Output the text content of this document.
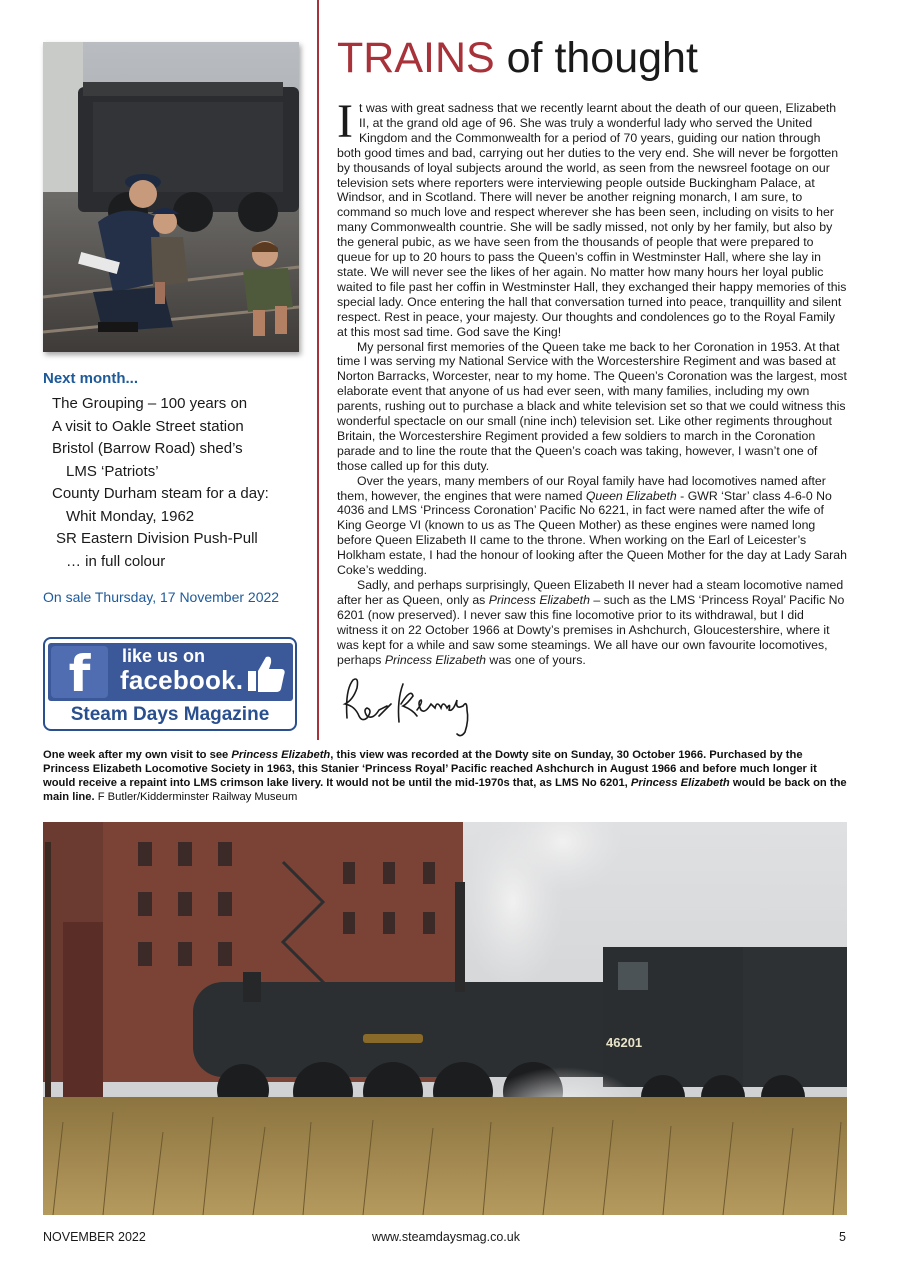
Next month...
The Grouping – 100 years on
A visit to Oakle Street station
Bristol (Barrow Road) shed’s
LMS ‘Patriots’
County Durham steam for a day:
Whit Monday, 1962
SR Eastern Division Push-Pull
… in full colour
On sale Thursday, 17 November 2022
f	like us on
facebook.
Steam Days Magazine
TRAINS of thought

It was with great sadness that we recently learnt about the death of our queen, Elizabeth II, at the grand old age of 96. She was truly a wonderful lady who served the United Kingdom and the Commonwealth for a period of 70 years, guiding our nation through both good times and bad, carrying out her duties to the very end. She will never be forgotten by thousands of loyal subjects around the world, as seen from the newsreel footage on our television sets where reporters were interviewing people outside Buckingham Palace, at Windsor, and in Scotland. There will never be another reigning monarch, I am sure, to command so much love and respect wherever she has been seen, including on visits to her many Commonwealth countrie. She will be sadly missed, not only by her family, but also by the general pubic, as we have seen from the thousands of people that were prepared to queue for up to 20 hours to pass the Queen’s coffin in Westminster Hall, where she lay in state. We will never see the likes of her again. No matter how many hours her loyal public waited to file past her coffin in Westminster Hall, they exchanged their happy memories of this special lady. Once entering the hall that conversation turned into peace, tranquillity and silent respect. Rest in peace, your majesty. Our thoughts and condolences go to the Royal Family at this most sad time. God save the King!

My personal first memories of the Queen take me back to her Coronation in 1953. At that time I was serving my National Service with the Worcestershire Regiment and was based at Norton Barracks, Worcester, near to my home. The Queen’s Coronation was the largest, most elaborate event that anyone of us had ever seen, with many families, including my own parents, rushing out to purchase a black and white television set so that we could witness this wonderful spectacle on our small (nine inch) television set. Like other regiments throughout Britain, the Worcestershire Regiment provided a few soldiers to march in the Coronation parade and to line the route that the Queen’s coach was taking, however, I wasn’t one of those called up for this duty.

Over the years, many members of our Royal family have had locomotives named after them, however, the engines that were named Queen Elizabeth - GWR ‘Star’ class 4-6-0 No 4036 and LMS ‘Princess Coronation’ Pacific No 6221, in fact were named after the wife of King George VI (known to us as The Queen Mother) as these engines were named long before Queen Elizabeth II came to the throne. When working on the Earl of Leicester’s Holkham estate, I had the honour of looking after the Queen Mother for the day at Lady Sarah Coke’s wedding.

Sadly, and perhaps surprisingly, Queen Elizabeth II never had a steam locomotive named after her as Queen, only as Princess Elizabeth – such as the LMS ‘Princess Royal’ Pacific No 6201 (now preserved). I never saw this fine locomotive prior to its withdrawal, but I did witness it on 22 October 1966 at Dowty’s premises in Ashchurch, Gloucestershire, where it was kept for a while and saw some steamings. We all have our own favourite locomotives, perhaps Princess Elizabeth was one of yours.

One week after my own visit to see Princess Elizabeth, this view was recorded at the Dowty site on Sunday, 30 October 1966. Purchased by the Princess Elizabeth Locomotive Society in 1963, this Stanier ‘Princess Royal’ Pacific reached Ashchurch in August 1966 and before much longer it would receive a repaint into LMS crimson lake livery. It would not be until the mid-1970s that, as LMS No 6201, Princess Elizabeth would be back on the main line. F Butler/Kidderminster Railway Museum
46201
NOVEMBER 2022	www.steamdaysmag.co.uk	5
